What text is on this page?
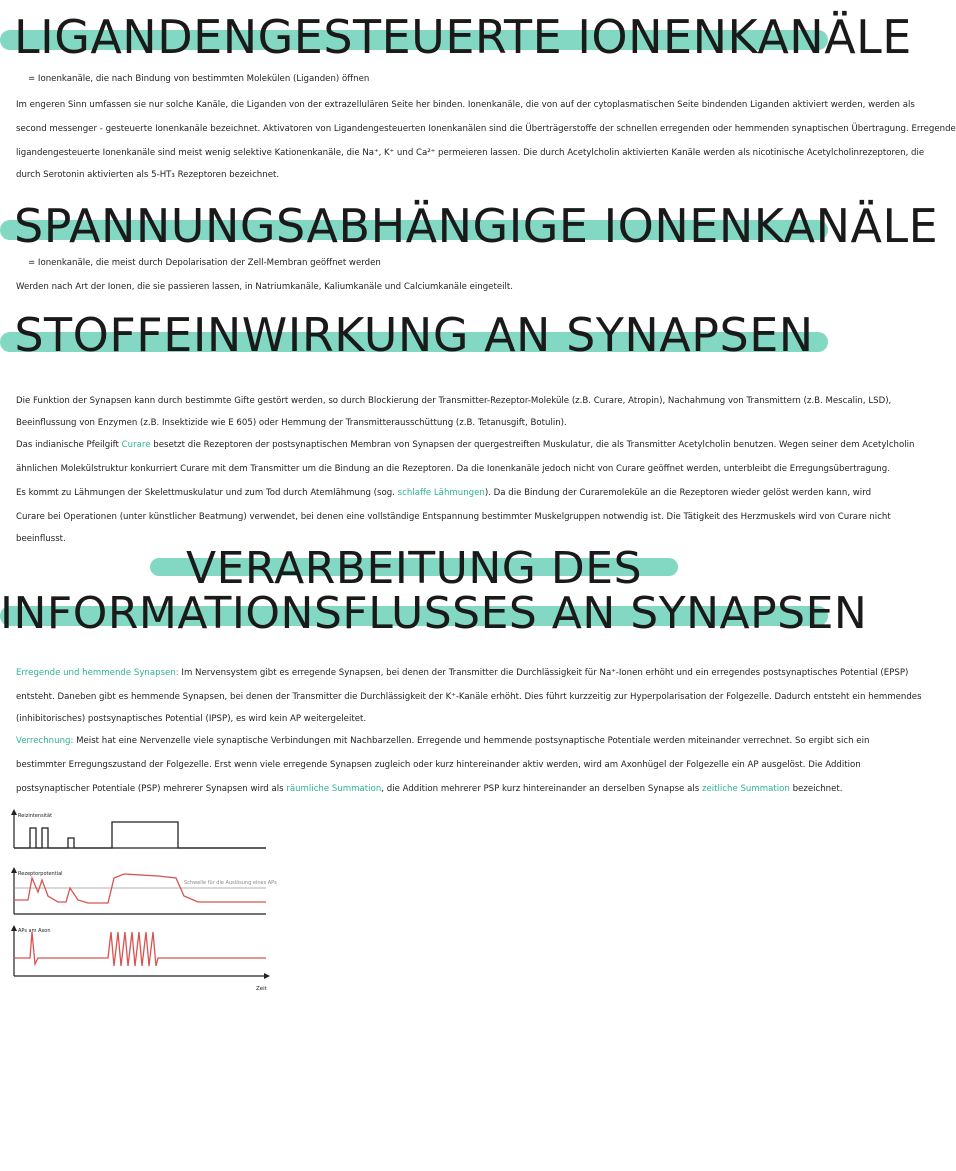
LIGANDENGESTEUERTE IONENKANÄLE

= Ionenkanäle, die nach Bindung von bestimmten Molekülen (Liganden) öffnen

Im engeren Sinn umfassen sie nur solche Kanäle, die Liganden von der extrazellulären Seite her binden. Ionenkanäle, die von auf der cytoplasmatischen Seite bindenden Liganden aktiviert werden, werden als

second messenger - gesteuerte Ionenkanäle bezeichnet. Aktivatoren von Ligandengesteuerten Ionenkanälen sind die Überträgerstoffe der schnellen erregenden oder hemmenden synaptischen Übertragung. Erregende

ligandengesteuerte Ionenkanäle sind meist wenig selektive Kationenkanäle, die Na⁺, K⁺ und Ca²⁺ permeieren lassen. Die durch Acetylcholin aktivierten Kanäle werden als nicotinische Acetylcholinrezeptoren, die

durch Serotonin aktivierten als 5-HT₃ Rezeptoren bezeichnet.

SPANNUNGSABHÄNGIGE IONENKANÄLE

= Ionenkanäle, die meist durch Depolarisation der Zell-Membran geöffnet werden

Werden nach Art der Ionen, die sie passieren lassen, in Natriumkanäle, Kaliumkanäle und Calciumkanäle eingeteilt.

STOFFEINWIRKUNG AN SYNAPSEN

Die Funktion der Synapsen kann durch bestimmte Gifte gestört werden, so durch Blockierung der Transmitter-Rezeptor-Moleküle (z.B. Curare, Atropin), Nachahmung von Transmittern (z.B. Mescalin, LSD),

Beeinflussung von Enzymen (z.B. Insektizide wie E 605) oder Hemmung der Transmitterausschüttung (z.B. Tetanusgift, Botulin).

Das indianische Pfeilgift Curare besetzt die Rezeptoren der postsynaptischen Membran von Synapsen der quergestreiften Muskulatur, die als Transmitter Acetylcholin benutzen. Wegen seiner dem Acetylcholin

ähnlichen Molekülstruktur konkurriert Curare mit dem Transmitter um die Bindung an die Rezeptoren. Da die Ionenkanäle jedoch nicht von Curare geöffnet werden, unterbleibt die Erregungsübertragung.

Es kommt zu Lähmungen der Skelettmuskulatur und zum Tod durch Atemlähmung (sog. schlaffe Lähmungen). Da die Bindung der Curaremoleküle an die Rezeptoren wieder gelöst werden kann, wird

Curare bei Operationen (unter künstlicher Beatmung) verwendet, bei denen eine vollständige Entspannung bestimmter Muskelgruppen notwendig ist. Die Tätigkeit des Herzmuskels wird von Curare nicht

beeinflusst.

VERARBEITUNG DES
INFORMATIONSFLUSSES AN SYNAPSEN

Erregende und hemmende Synapsen: Im Nervensystem gibt es erregende Synapsen, bei denen der Transmitter die Durchlässigkeit für Na⁺-Ionen erhöht und ein erregendes postsynaptisches Potential (EPSP)

entsteht. Daneben gibt es hemmende Synapsen, bei denen der Transmitter die Durchlässigkeit der K⁺-Kanäle erhöht. Dies führt kurzzeitig zur Hyperpolarisation der Folgezelle. Dadurch entsteht ein hemmendes

(inhibitorisches) postsynaptisches Potential (IPSP), es wird kein AP weitergeleitet.

Verrechnung: Meist hat eine Nervenzelle viele synaptische Verbindungen mit Nachbarzellen. Erregende und hemmende postsynaptische Potentiale werden miteinander verrechnet. So ergibt sich ein

bestimmter Erregungszustand der Folgezelle. Erst wenn viele erregende Synapsen zugleich oder kurz hintereinander aktiv werden, wird am Axonhügel der Folgezelle ein AP ausgelöst. Die Addition

postsynaptischer Potentiale (PSP) mehrerer Synapsen wird als räumliche Summation, die Addition mehrerer PSP kurz hintereinander an derselben Synapse als zeitliche Summation bezeichnet.

Reizintensität
Rezeptorpotential
Schwelle für die Auslösung eines APs
APs am Axon
Zeit
